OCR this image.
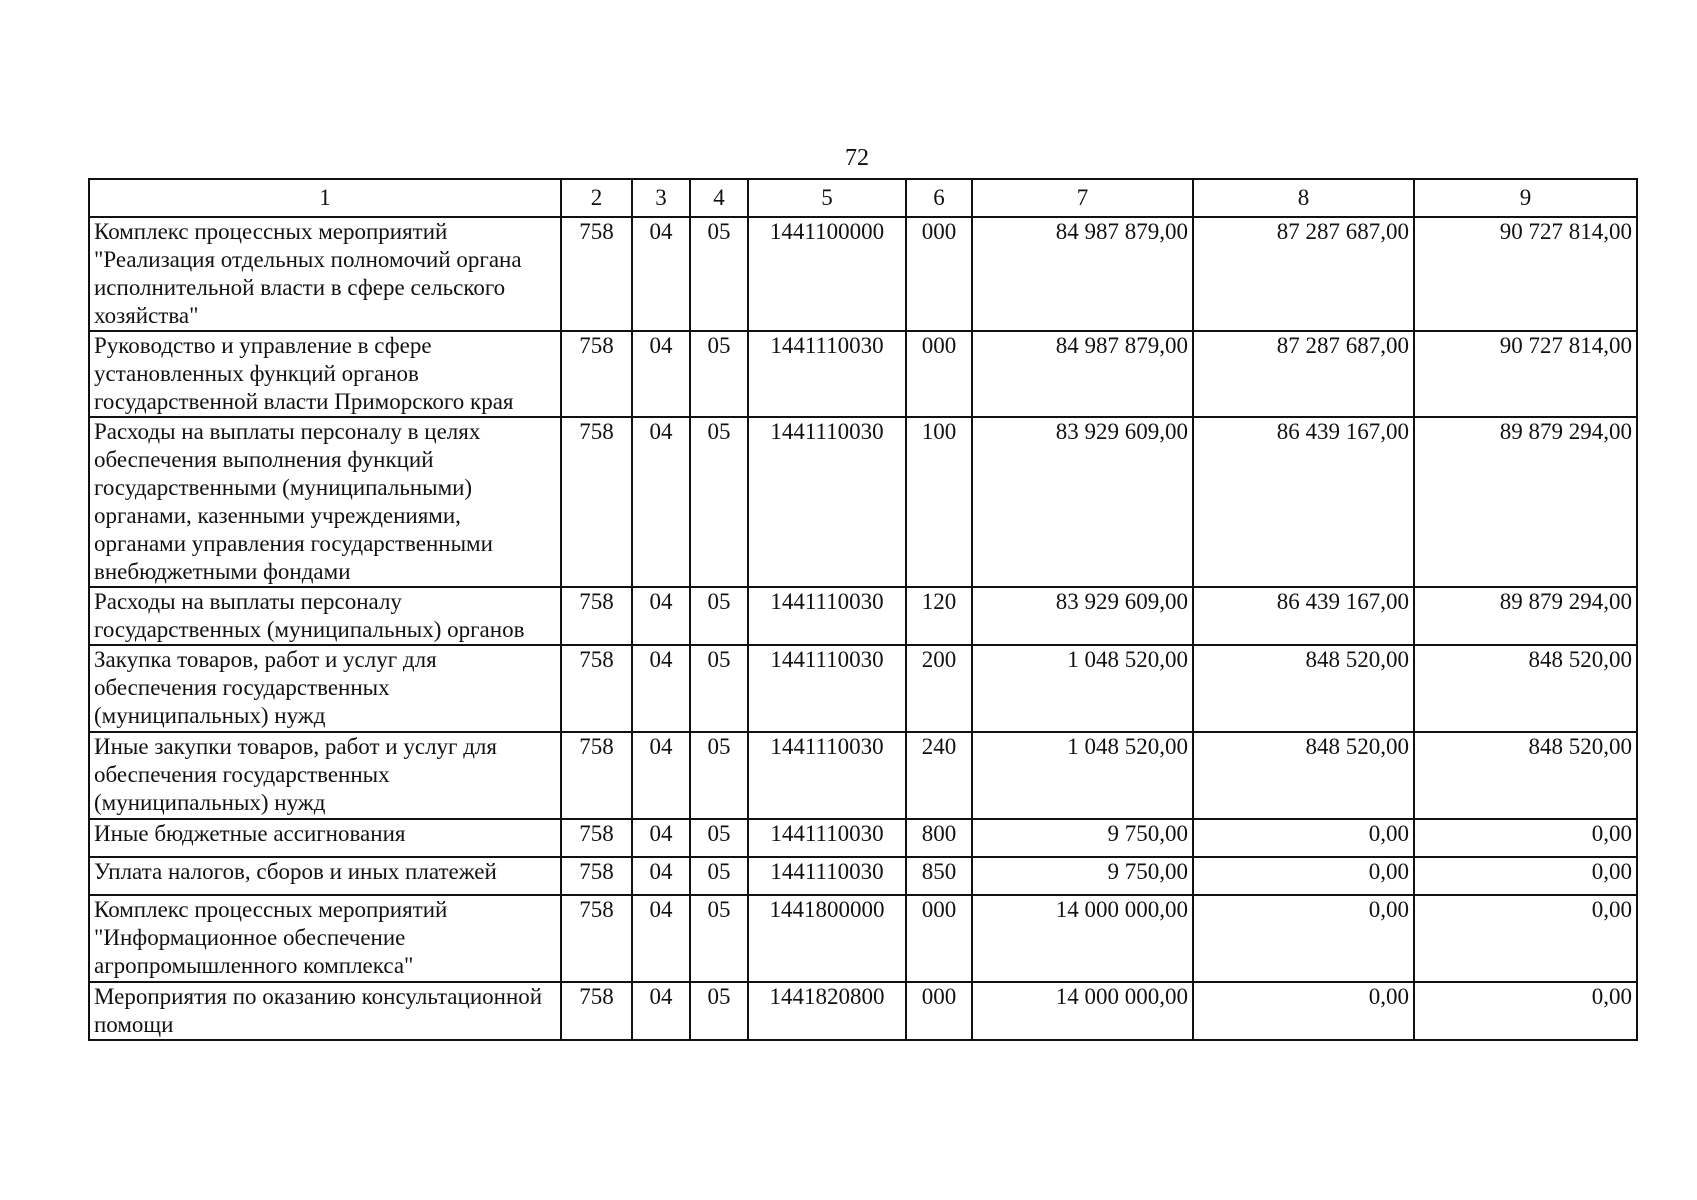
72
1	2	3	4	5	6	7	8	9
Комплекс процессных мероприятий "Реализация отдельных полномочий органа исполнительной власти в сфере сельского хозяйства"	758	04	05	1441100000	000	84 987 879,00	87 287 687,00	90 727 814,00
Руководство и управление в сфере установленных функций органов государственной власти Приморского края	758	04	05	1441110030	000	84 987 879,00	87 287 687,00	90 727 814,00
Расходы на выплаты персоналу в целях обеспечения выполнения функций государственными (муниципальными) органами, казенными учреждениями, органами управления государственными внебюджетными фондами	758	04	05	1441110030	100	83 929 609,00	86 439 167,00	89 879 294,00
Расходы на выплаты персоналу государственных (муниципальных) органов	758	04	05	1441110030	120	83 929 609,00	86 439 167,00	89 879 294,00
Закупка товаров, работ и услуг для обеспечения государственных (муниципальных) нужд	758	04	05	1441110030	200	1 048 520,00	848 520,00	848 520,00
Иные закупки товаров, работ и услуг для обеспечения государственных (муниципальных) нужд	758	04	05	1441110030	240	1 048 520,00	848 520,00	848 520,00
Иные бюджетные ассигнования	758	04	05	1441110030	800	9 750,00	0,00	0,00
Уплата налогов, сборов и иных платежей	758	04	05	1441110030	850	9 750,00	0,00	0,00
Комплекс процессных мероприятий "Информационное обеспечение агропромышленного комплекса"	758	04	05	1441800000	000	14 000 000,00	0,00	0,00
Мероприятия по оказанию консультационной помощи	758	04	05	1441820800	000	14 000 000,00	0,00	0,00
